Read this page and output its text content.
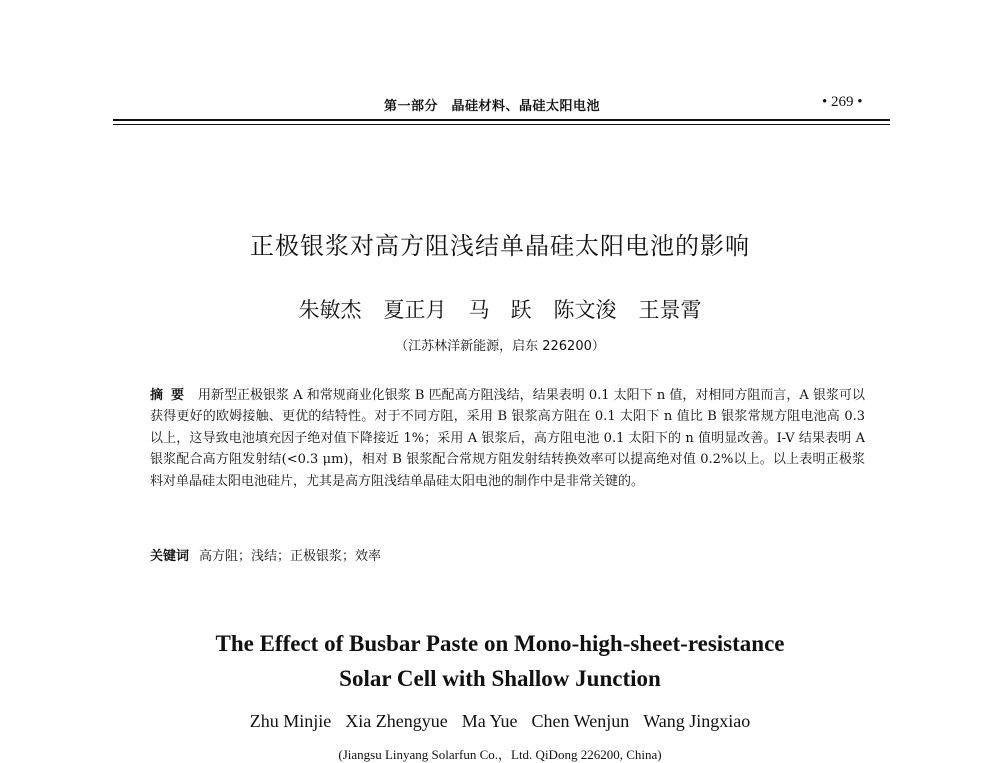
第一部分　晶硅材料、晶硅太阳电池	• 269 •
正极银浆对高方阻浅结单晶硅太阳电池的影响
朱敏杰 夏正月 马　跃 陈文浚 王景霄
（江苏林洋新能源，启东 226200）
摘要 用新型正极银浆 A 和常规商业化银浆 B 匹配高方阻浅结，结果表明 0.1 太阳下 n 值，对相同方阻而言，A 银浆可以获得更好的欧姆接触、更优的结特性。对于不同方阻，采用 B 银浆高方阻在 0.1 太阳下 n 值比 B 银浆常规方阻电池高 0.3 以上，这导致电池填充因子绝对值下降接近 1%；采用 A 银浆后，高方阻电池 0.1 太阳下的 n 值明显改善。I-V 结果表明 A 银浆配合高方阻发射结(<0.3 μm)，相对 B 银浆配合常规方阻发射结转换效率可以提高绝对值 0.2%以上。以上表明正极浆料对单晶硅太阳电池硅片，尤其是高方阻浅结单晶硅太阳电池的制作中是非常关键的。
关键词 高方阻；浅结；正极银浆；效率
The Effect of Busbar Paste on Mono-high-sheet-resistance
Solar Cell with Shallow Junction
Zhu Minjie Xia Zhengyue Ma Yue Chen Wenjun Wang Jingxiao
(Jiangsu Linyang Solarfun Co.，Ltd. QiDong 226200, China)
